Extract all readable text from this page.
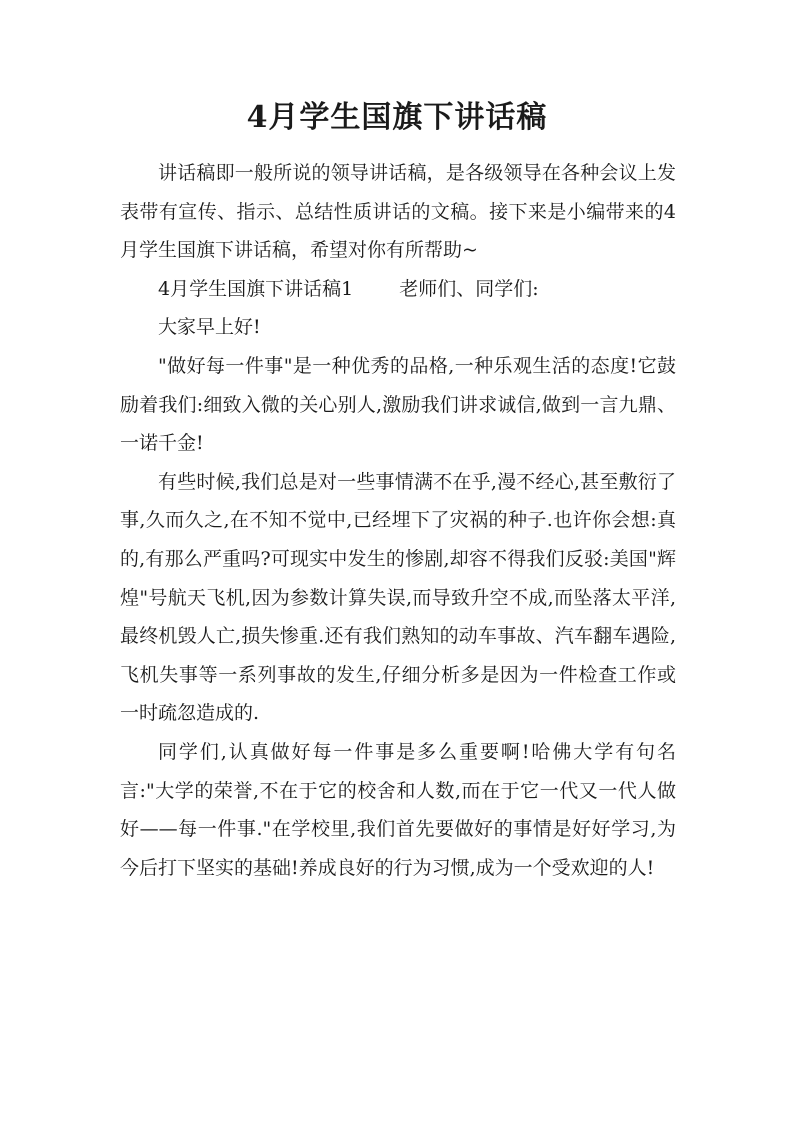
4月学生国旗下讲话稿

讲话稿即一般所说的领导讲话稿，是各级领导在各种会议上发表带有宣传、指示、总结性质讲话的文稿。接下来是小编带来的4月学生国旗下讲话稿，希望对你有所帮助~

4月学生国旗下讲话稿1 老师们、同学们:

大家早上好!

"做好每一件事"是一种优秀的品格,一种乐观生活的态度!它鼓励着我们:细致入微的关心别人,激励我们讲求诚信,做到一言九鼎、一诺千金!

有些时候,我们总是对一些事情满不在乎,漫不经心,甚至敷衍了事,久而久之,在不知不觉中,已经埋下了灾祸的种子.也许你会想:真的,有那么严重吗?可现实中发生的惨剧,却容不得我们反驳:美国"辉煌"号航天飞机,因为参数计算失误,而导致升空不成,而坠落太平洋,最终机毁人亡,损失惨重.还有我们熟知的动车事故、汽车翻车遇险,飞机失事等一系列事故的发生,仔细分析多是因为一件检查工作或一时疏忽造成的.

同学们,认真做好每一件事是多么重要啊!哈佛大学有句名言:"大学的荣誉,不在于它的校舍和人数,而在于它一代又一代人做好——每一件事."在学校里,我们首先要做好的事情是好好学习,为今后打下坚实的基础!养成良好的行为习惯,成为一个受欢迎的人!
